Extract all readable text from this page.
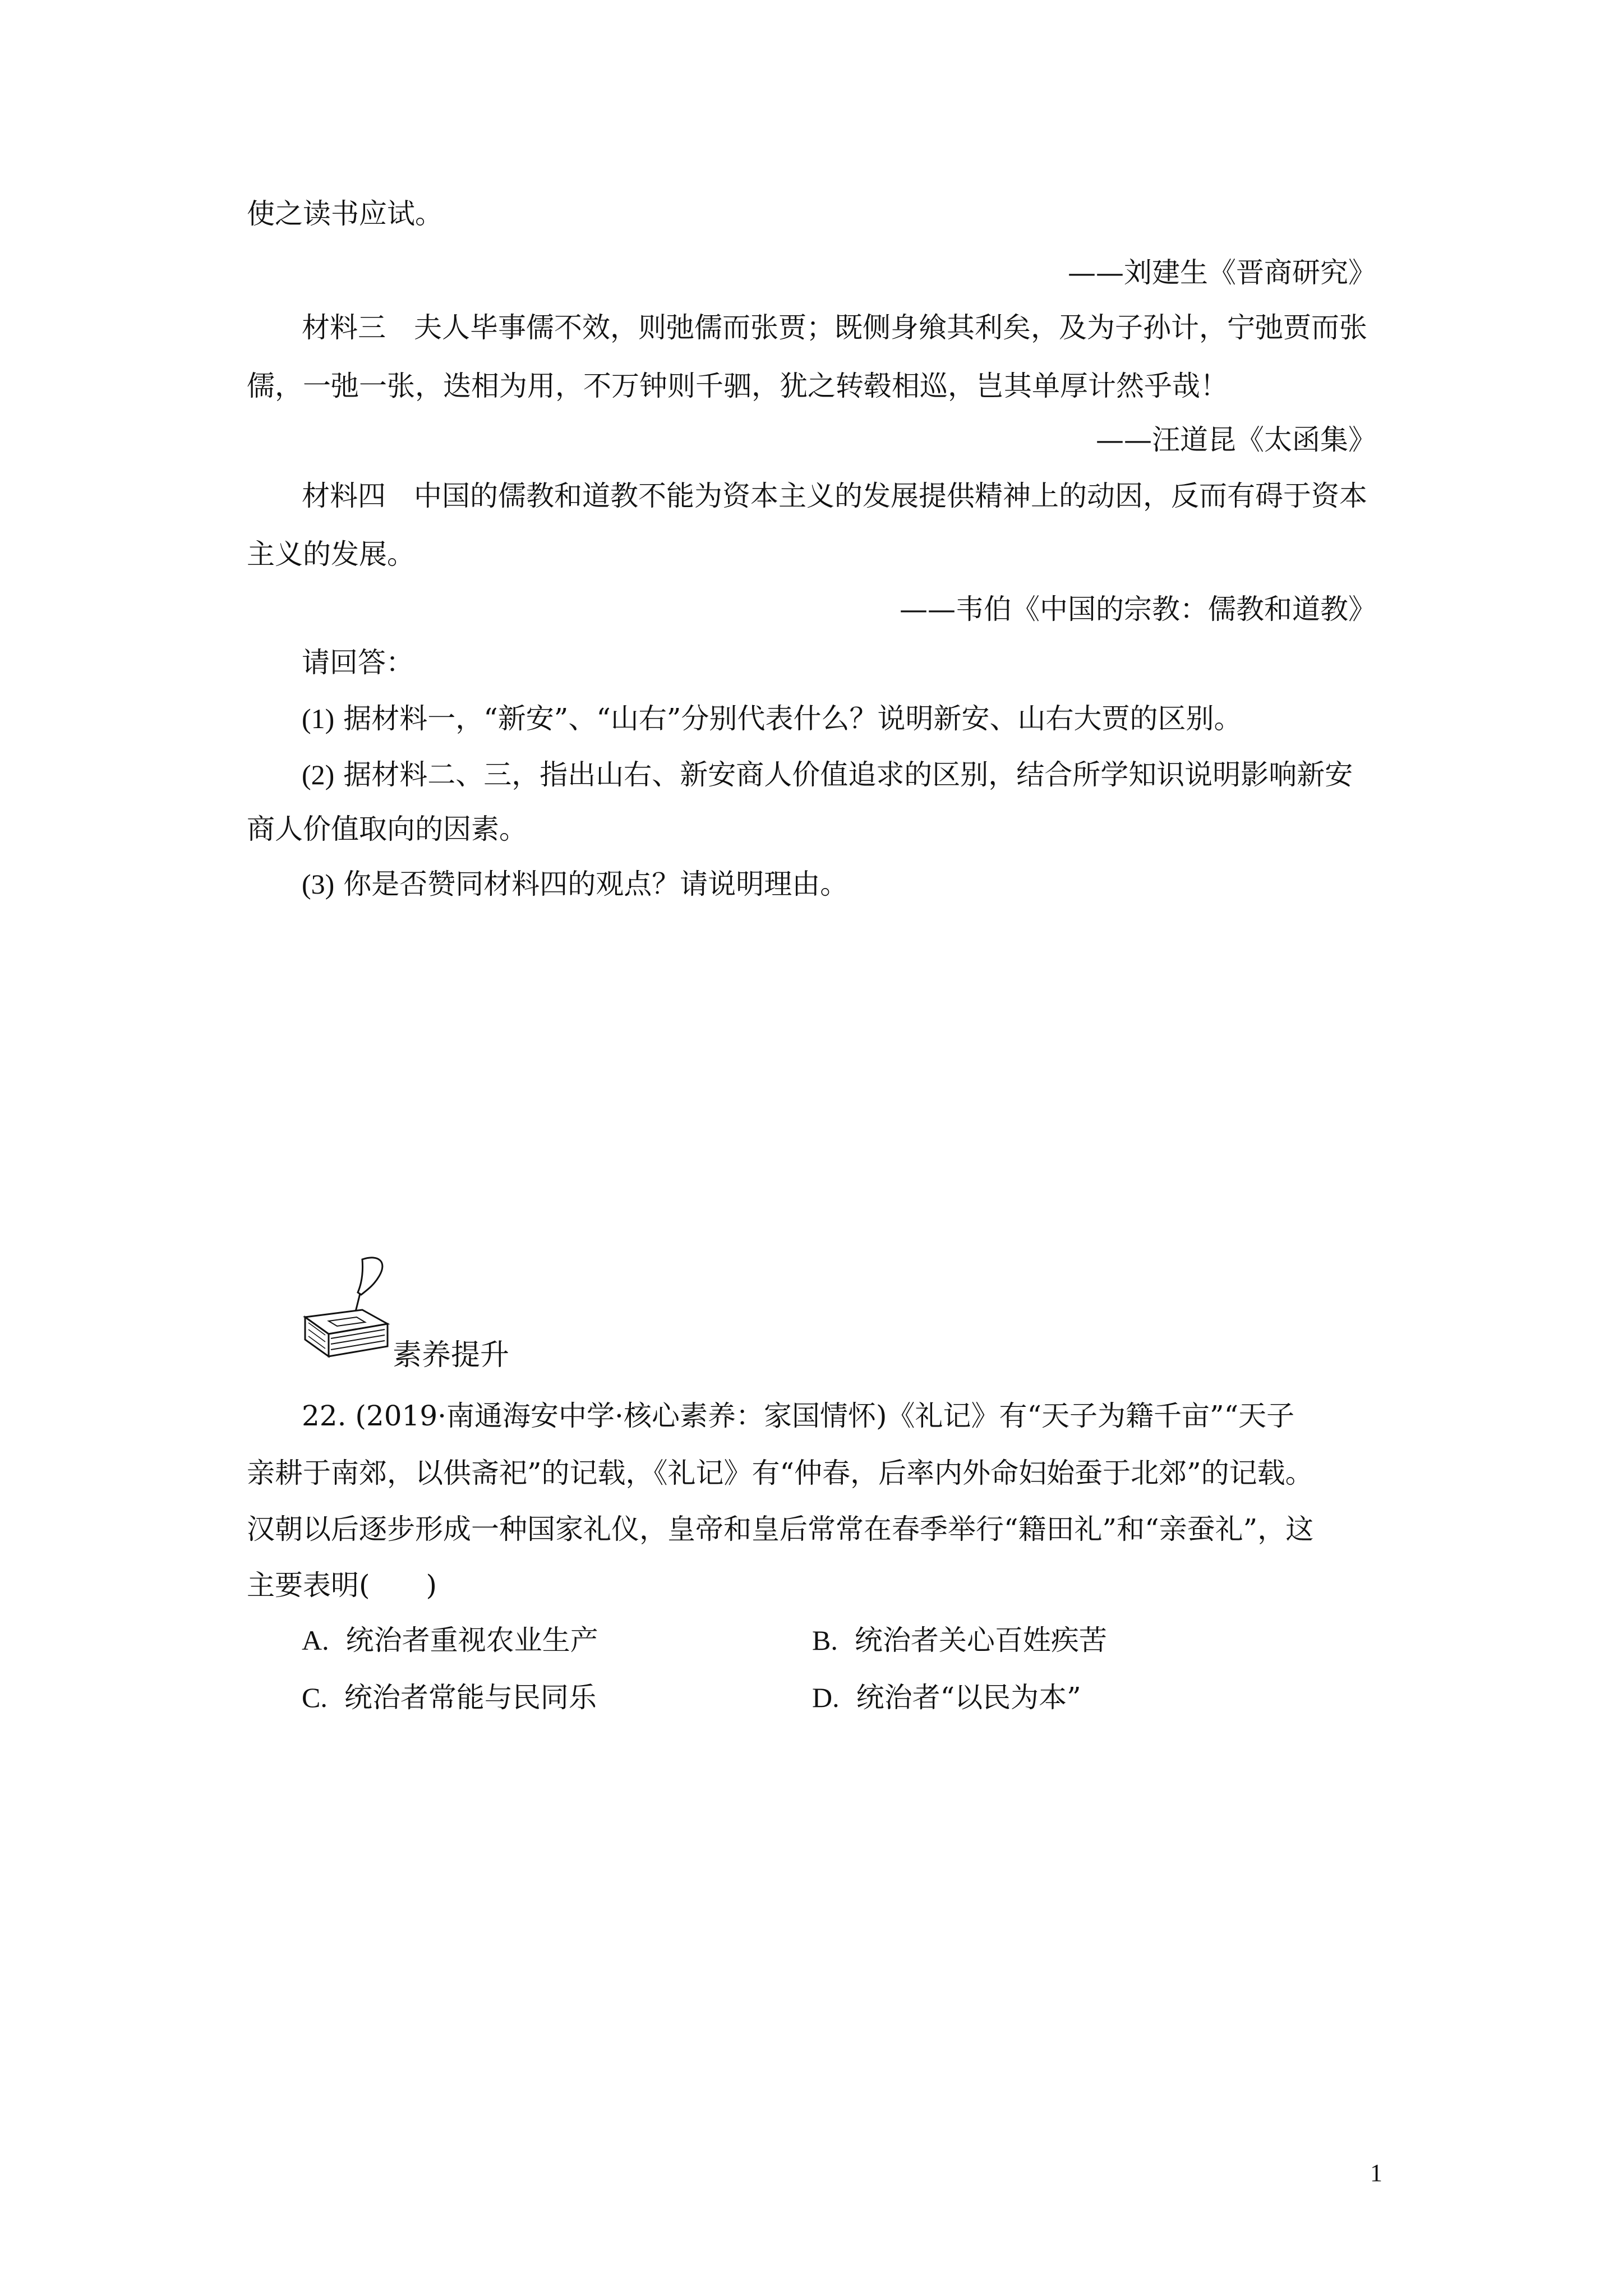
使之读书应试。
——刘建生《晋商研究》
材料三　夫人毕事儒不效，则弛儒而张贾；既侧身飨其利矣，及为子孙计，宁弛贾而张
儒，一弛一张，迭相为用，不万钟则千驷，犹之转毂相巡，岂其单厚计然乎哉！
——汪道昆《太函集》
材料四　中国的儒教和道教不能为资本主义的发展提供精神上的动因，反而有碍于资本
主义的发展。
——韦伯《中国的宗教：儒教和道教》
请回答：
(1) 据材料一，“新安”、“山右”分别代表什么？说明新安、山右大贾的区别。
(2) 据材料二、三，指出山右、新安商人价值追求的区别，结合所学知识说明影响新安
商人价值取向的因素。
(3) 你是否赞同材料四的观点？请说明理由。
素养提升
22. (2019·南通海安中学·核心素养：家国情怀)《礼记》有“天子为籍千亩”“天子
亲耕于南郊，以供斋祀”的记载，《礼记》有“仲春，后率内外命妇始蚕于北郊”的记载。
汉朝以后逐步形成一种国家礼仪，皇帝和皇后常常在春季举行“籍田礼”和“亲蚕礼”，这
主要表明(　　)
A. 统治者重视农业生产	B. 统治者关心百姓疾苦
C. 统治者常能与民同乐	D. 统治者“以民为本”
1
